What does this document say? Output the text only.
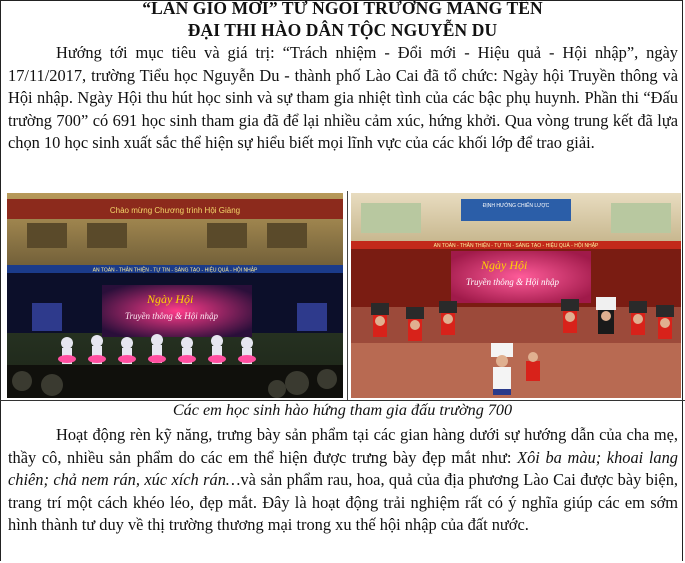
“LÀN GIÓ MỚI” TỪ NGÔI TRƯỜNG MANG TÊN
ĐẠI THI HÀO DÂN TỘC NGUYỄN DU

Hướng tới mục tiêu và giá trị: “Trách nhiệm - Đổi mới - Hiệu quả - Hội nhập”, ngày 17/11/2017, trường Tiểu học Nguyễn Du - thành phố Lào Cai đã tổ chức: Ngày hội Truyền thông và Hội nhập. Ngày Hội thu hút học sinh và sự tham gia nhiệt tình của các bậc phụ huynh. Phần thi “Đấu trường 700” có 691 học sinh tham gia đã để lại nhiều cảm xúc, hứng khởi. Qua vòng trung kết đã lựa chọn 10 học sinh xuất sắc thể hiện sự hiểu biết mọi lĩnh vực của các khối lớp để trao giải.

Chào mừng Chương trình Hội Giảng
AN TOÀN - THÂN THIỆN - TỰ TIN - SÁNG TẠO - HIỆU QUẢ - HỘI NHẬP
Ngày Hội
Truyền thông & Hội nhập
ĐỊNH HƯỚNG CHIẾN LƯỢC
AN TOÀN - THÂN THIỆN - TỰ TIN - SÁNG TẠO - HIỆU QUẢ - HỘI NHẬP
Ngày Hội
Truyền thông & Hội nhập
Các em học sinh hào hứng tham gia đấu trường 700

Hoạt động rèn kỹ năng, trưng bày sản phẩm tại các gian hàng dưới sự hướng dẫn của cha mẹ, thầy cô, nhiều sản phẩm do các em thể hiện được trưng bày đẹp mắt như: Xôi ba màu; khoai lang chiên; chả nem rán, xúc xích rán…và sản phẩm rau, hoa, quả của địa phương Lào Cai được bày biện, trang trí một cách khéo léo, đẹp mắt. Đây là hoạt động trải nghiệm rất có ý nghĩa giúp các em sớm hình thành tư duy về thị trường thương mại trong xu thế hội nhập của đất nước.
